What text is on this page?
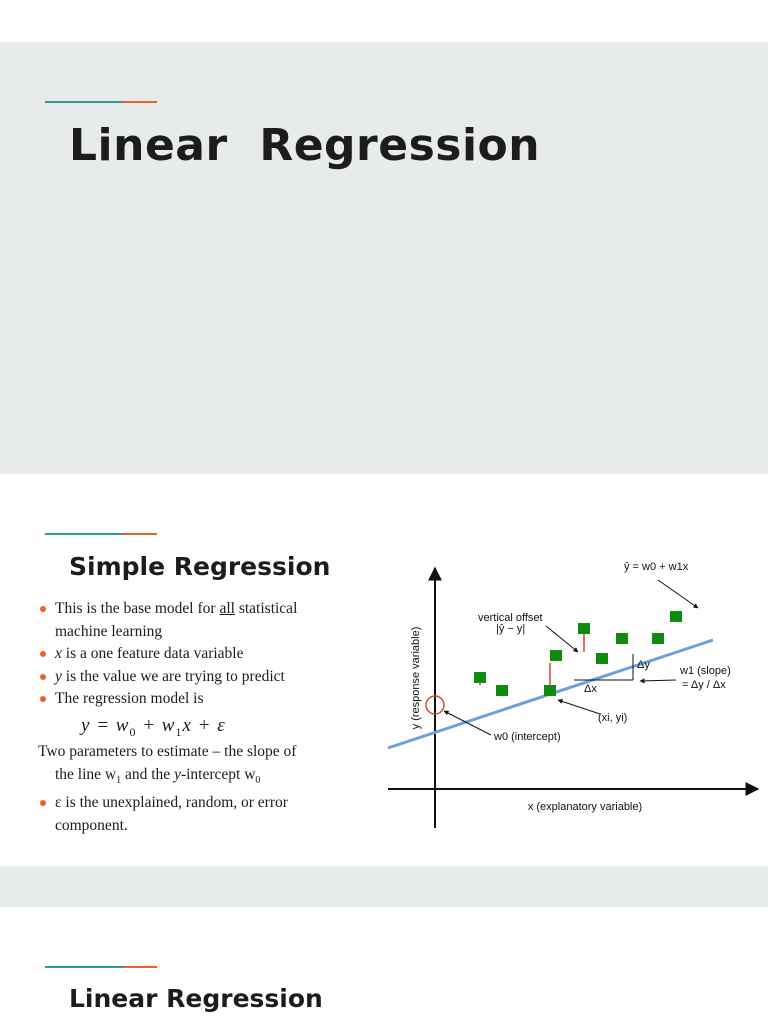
Linear  Regression
Simple Regression
This is the base model for all statistical
machine learning
x is a one feature data variable
y is the value we are trying to predict
The regression model is
$y = w_0 + w_1x + \varepsilon$
Two parameters to estimate – the slope of
the line $w_1$ and the y-intercept $w_0$
ε is the unexplained, random, or error
component.
y (response variable)
x (explanatory variable)
Δy
Δx
ŷ = w0 + w1x
vertical offset
|ŷ − y|
w1 (slope)
= Δy / Δx
(xi, yi)
w0 (intercept)
Linear Regression
